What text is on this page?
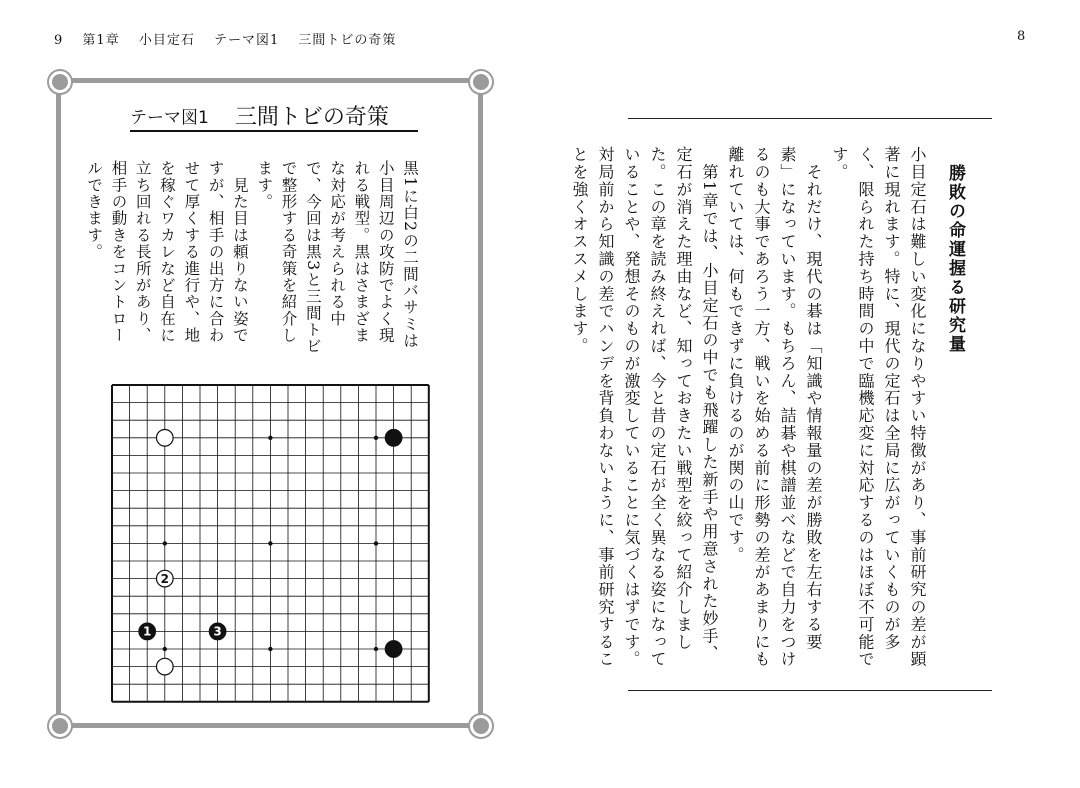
9 第1章 小目定石 テーマ図1 三間トビの奇策	8
テーマ図1 三間トビの奇策
黒1に白2の二間バサミは小目周辺の攻防でよく現れる戦型。黒はさまざまな対応が考えられる中で、今回は黒3と三間トビで整形する奇策を紹介します。
　見た目は頼りない姿ですが、相手の出方に合わせて厚くする進行や、地を稼ぐワカレなど自在に立ち回れる長所があり、相手の動きをコントロールできます。
2
1	3
勝敗の命運握る研究量
小目定石は難しい変化になりやすい特徴があり、事前研究の差が顕著に現れます。特に、現代の定石は全局に広がっていくものが多く、限られた持ち時間の中で臨機応変に対応するのはほぼ不可能です。
　それだけ、現代の碁は「知識や情報量の差が勝敗を左右する要素」になっています。もちろん、詰碁や棋譜並べなどで自力をつけるのも大事であろう一方、戦いを始める前に形勢の差があまりにも離れていては、何もできずに負けるのが関の山です。
　第1章では、小目定石の中でも飛躍した新手や用意された妙手、定石が消えた理由など、知っておきたい戦型を絞って紹介しました。この章を読み終えれば、今と昔の定石が全く異なる姿になっていることや、発想そのものが激変していることに気づくはずです。対局前から知識の差でハンデを背負わないように、事前研究することを強くオススメします。
